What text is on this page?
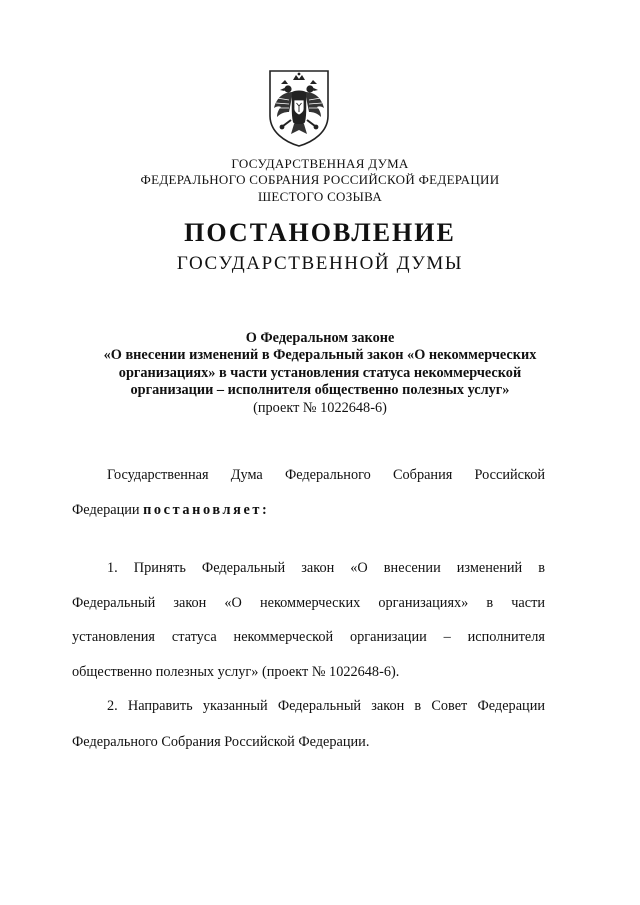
ГОСУДАРСТВЕННАЯ ДУМА
ФЕДЕРАЛЬНОГО СОБРАНИЯ РОССИЙСКОЙ ФЕДЕРАЦИИ
ШЕСТОГО СОЗЫВА
ПОСТАНОВЛЕНИЕ
ГОСУДАРСТВЕННОЙ ДУМЫ
О Федеральном законе
«О внесении изменений в Федеральный закон «О некоммерческих
организациях» в части установления статуса некоммерческой
организации – исполнителя общественно полезных услуг»
(проект № 1022648-6)
Государственная Дума Федерального Собрания Российской
Федерации постановляет:
1. Принять Федеральный закон «О внесении изменений в
Федеральный закон «О некоммерческих организациях» в части
установления статуса некоммерческой организации – исполнителя
общественно полезных услуг» (проект № 1022648-6).
2. Направить указанный Федеральный закон в Совет Федерации
Федерального Собрания Российской Федерации.
